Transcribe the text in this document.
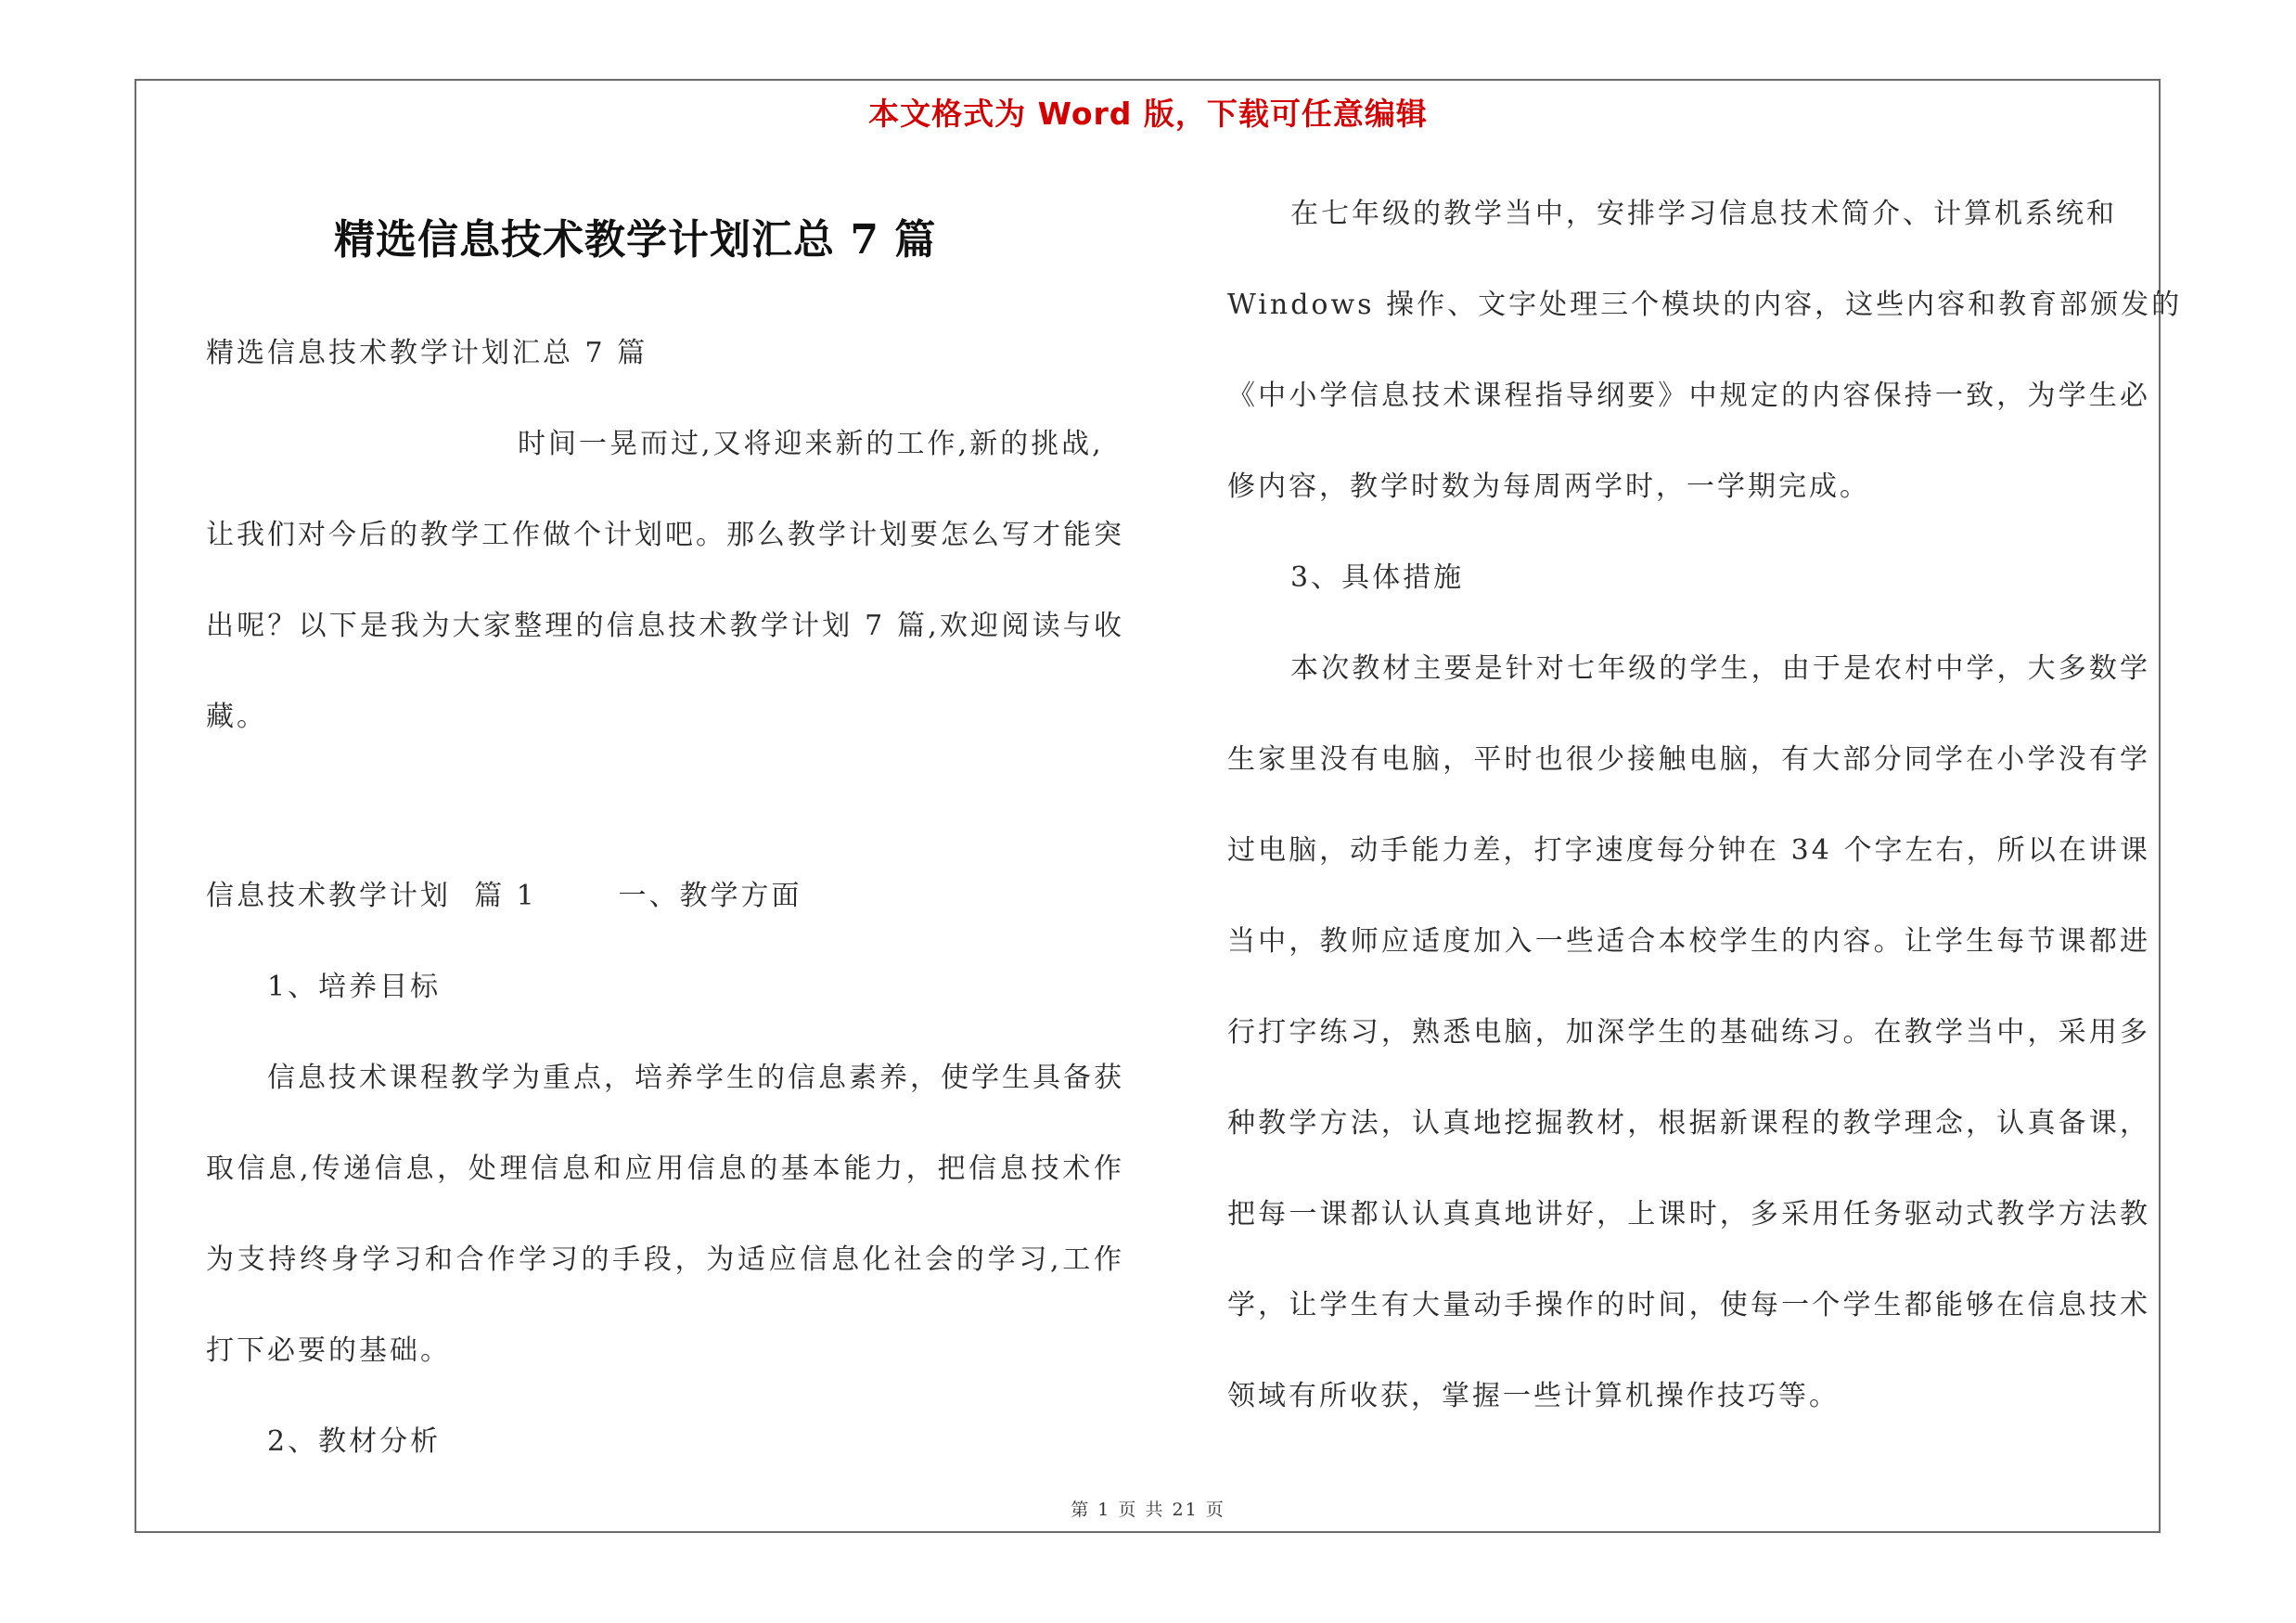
本文格式为 Word 版，下载可任意编辑
精选信息技术教学计划汇总 7 篇
精选信息技术教学计划汇总 7 篇
时间一晃而过,又将迎来新的工作,新的挑战,
让我们对今后的教学工作做个计划吧。那么教学计划要怎么写才能突
出呢？以下是我为大家整理的信息技术教学计划 7 篇,欢迎阅读与收
藏。
信息技术教学计划  篇 1       一、教学方面
1、培养目标
信息技术课程教学为重点，培养学生的信息素养，使学生具备获
取信息,传递信息，处理信息和应用信息的基本能力，把信息技术作
为支持终身学习和合作学习的手段，为适应信息化社会的学习,工作
打下必要的基础。
2、教材分析
在七年级的教学当中，安排学习信息技术简介、计算机系统和
Windows 操作、文字处理三个模块的内容，这些内容和教育部颁发的
《中小学信息技术课程指导纲要》中规定的内容保持一致，为学生必
修内容，教学时数为每周两学时，一学期完成。
3、具体措施
本次教材主要是针对七年级的学生，由于是农村中学，大多数学
生家里没有电脑，平时也很少接触电脑，有大部分同学在小学没有学
过电脑，动手能力差，打字速度每分钟在 34 个字左右，所以在讲课
当中，教师应适度加入一些适合本校学生的内容。让学生每节课都进
行打字练习，熟悉电脑，加深学生的基础练习。在教学当中，采用多
种教学方法，认真地挖掘教材，根据新课程的教学理念，认真备课，
把每一课都认认真真地讲好，上课时，多采用任务驱动式教学方法教
学，让学生有大量动手操作的时间，使每一个学生都能够在信息技术
领域有所收获，掌握一些计算机操作技巧等。
第 1 页 共 21 页
